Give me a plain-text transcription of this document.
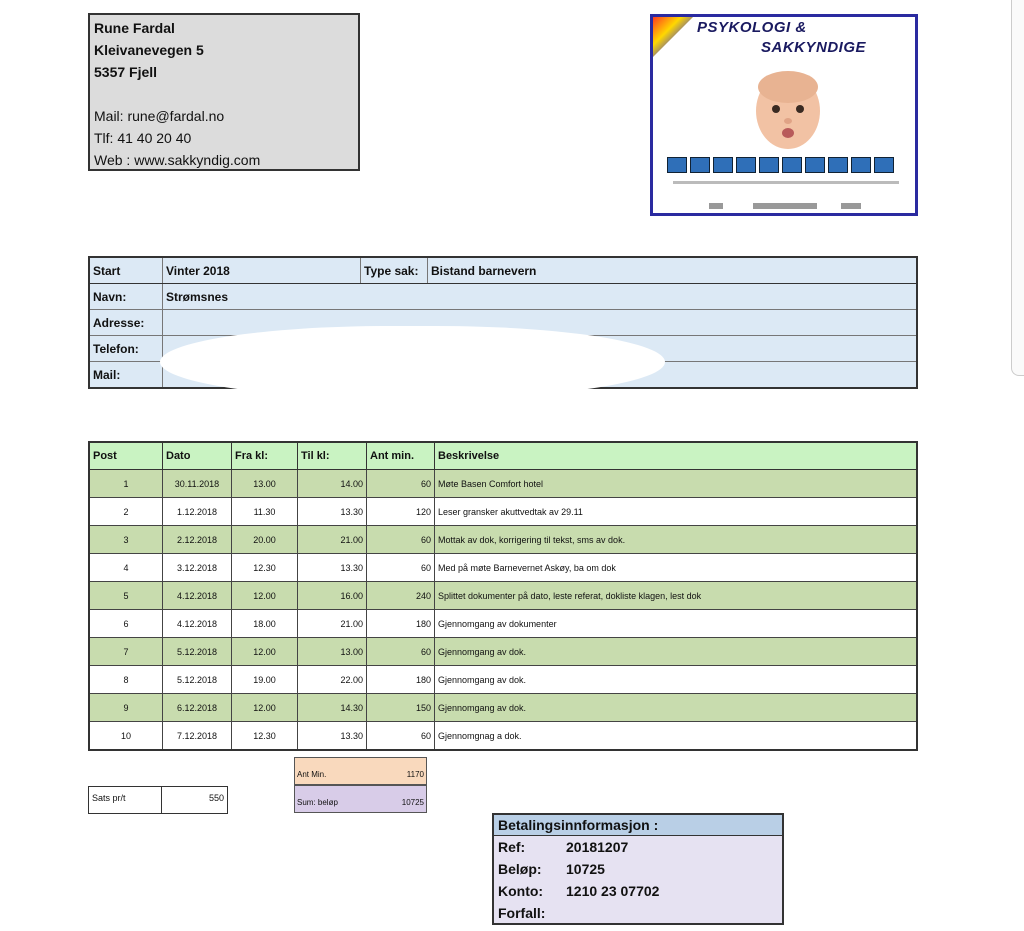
Rune Fardal
Kleivanevegen 5
5357 Fjell
Mail: rune@fardal.no
Tlf: 41 40 20 40
Web : www.sakkyndig.com
PSYKOLOGI &
SAKKYNDIGE
Start	Vinter 2018	Type sak:	Bistand barnevern
Navn:	Strømsnes		
Adresse:			
Telefon:			
Mail:			
Post	Dato	Fra kl:	Til kl:	Ant min.	Beskrivelse
1	30.11.2018	13.00	14.00	60	Møte Basen Comfort hotel
2	1.12.2018	11.30	13.30	120	Leser gransker akuttvedtak av 29.11
3	2.12.2018	20.00	21.00	60	Mottak av dok, korrigering til tekst, sms av dok.
4	3.12.2018	12.30	13.30	60	Med på møte Barnevernet Askøy, ba om dok
5	4.12.2018	12.00	16.00	240	Splittet dokumenter på dato, leste referat, doklistе klagen, lest dok
6	4.12.2018	18.00	21.00	180	Gjennomgang av dokumenter
7	5.12.2018	12.00	13.00	60	Gjennomgang av dok.
8	5.12.2018	19.00	22.00	180	Gjennomgang av dok.
9	6.12.2018	12.00	14.30	150	Gjennomgang av dok.
10	7.12.2018	12.30	13.30	60	Gjennomgnag a dok.
Ant Min.	1170
Sum: beløp	10725
Sats pr/t	550
Betalingsinnformasjon :
Ref:	20181207
Beløp:	10725
Konto:	1210 23 07702
Forfall:
